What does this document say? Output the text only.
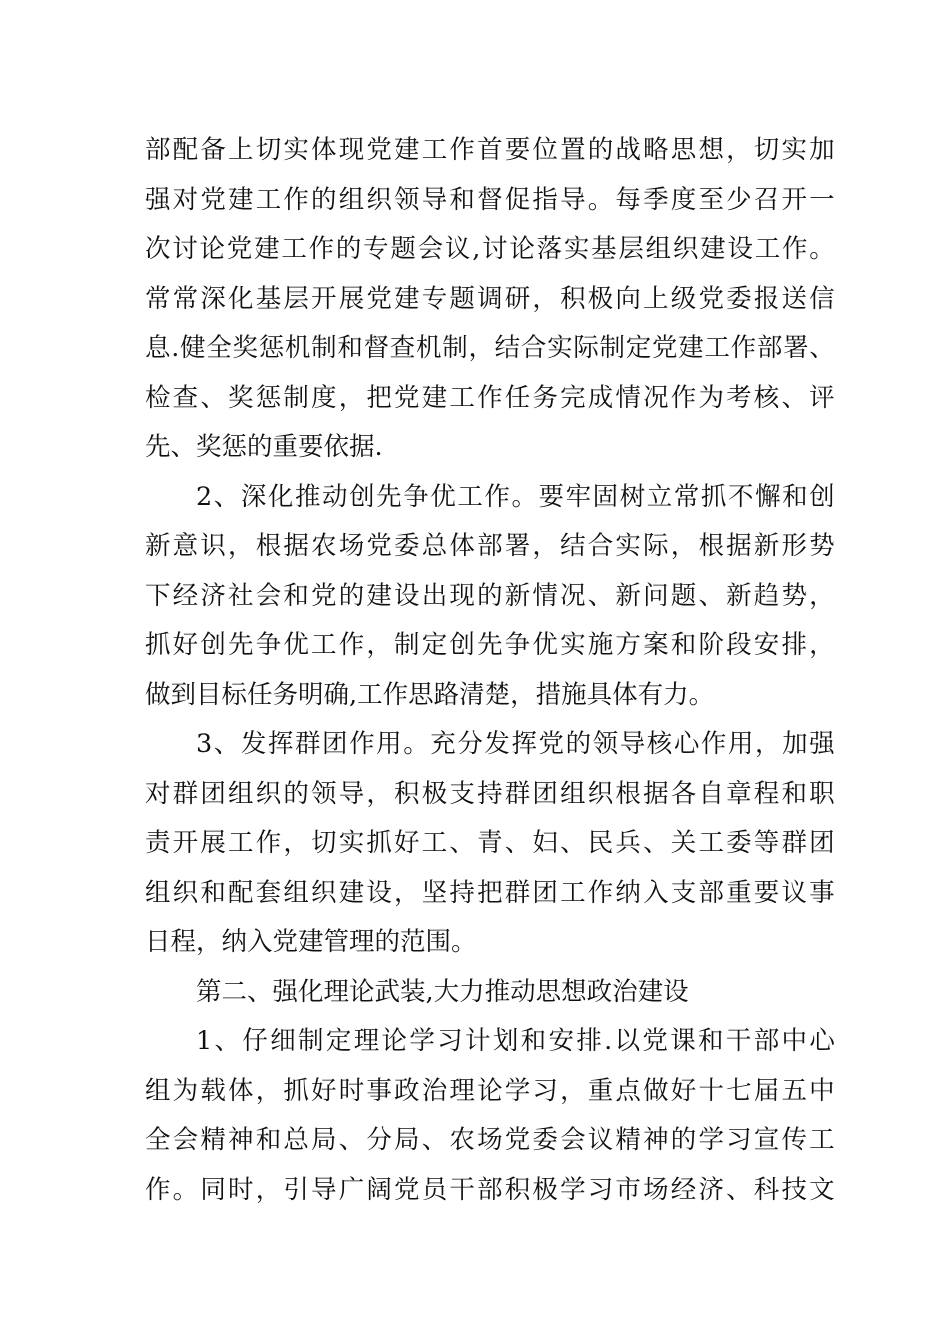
部 配 备 上 切 实 体 现 党 建 工 作 首 要 位 置 的 战 略 思 想 ， 切 实 加
强 对 党 建 工 作 的 组 织 领 导 和 督 促 指 导 。 每 季 度 至 少 召 开 一
次 讨 论 党 建 工 作 的 专 题 会 议 , 讨 论 落 实 基 层 组 织 建 设 工 作 。
常 常 深 化 基 层 开 展 党 建 专 题 调 研 ， 积 极 向 上 级 党 委 报 送 信
息 . 健 全 奖 惩 机 制 和 督 查 机 制 ， 结 合 实 际 制 定 党 建 工 作 部 署 、
检 查 、 奖 惩 制 度 ， 把 党 建 工 作 任 务 完 成 情 况 作 为 考 核 、 评
先、奖惩的重要依据.
2 、 深 化 推 动 创 先 争 优 工 作 。 要 牢 固 树 立 常 抓 不 懈 和 创
新 意 识 ， 根 据 农 场 党 委 总 体 部 署 ， 结 合 实 际 ， 根 据 新 形 势
下 经 济 社 会 和 党 的 建 设 出 现 的 新 情 况 、 新 问 题 、 新 趋 势 ，
抓 好 创 先 争 优 工 作 ， 制 定 创 先 争 优 实 施 方 案 和 阶 段 安 排 ，
做到目标任务明确,工作思路清楚，措施具体有力。
3 、 发 挥 群 团 作 用 。 充 分 发 挥 党 的 领 导 核 心 作 用 ， 加 强
对 群 团 组 织 的 领 导 ， 积 极 支 持 群 团 组 织 根 据 各 自 章 程 和 职
责 开 展 工 作 ， 切 实 抓 好 工 、 青 、 妇 、 民 兵 、 关 工 委 等 群 团
组 织 和 配 套 组 织 建 设 ， 坚 持 把 群 团 工 作 纳 入 支 部 重 要 议 事
日程，纳入党建管理的范围。
第二、强化理论武装,大力推动思想政治建设
1 、 仔 细 制 定 理 论 学 习 计 划 和 安 排 . 以 党 课 和 干 部 中 心
组 为 载 体 ， 抓 好 时 事 政 治 理 论 学 习 ， 重 点 做 好 十 七 届 五 中
全 会 精 神 和 总 局 、 分 局 、 农 场 党 委 会 议 精 神 的 学 习 宣 传 工
作 。 同 时 ， 引 导 广 阔 党 员 干 部 积 极 学 习 市 场 经 济 、 科 技 文
